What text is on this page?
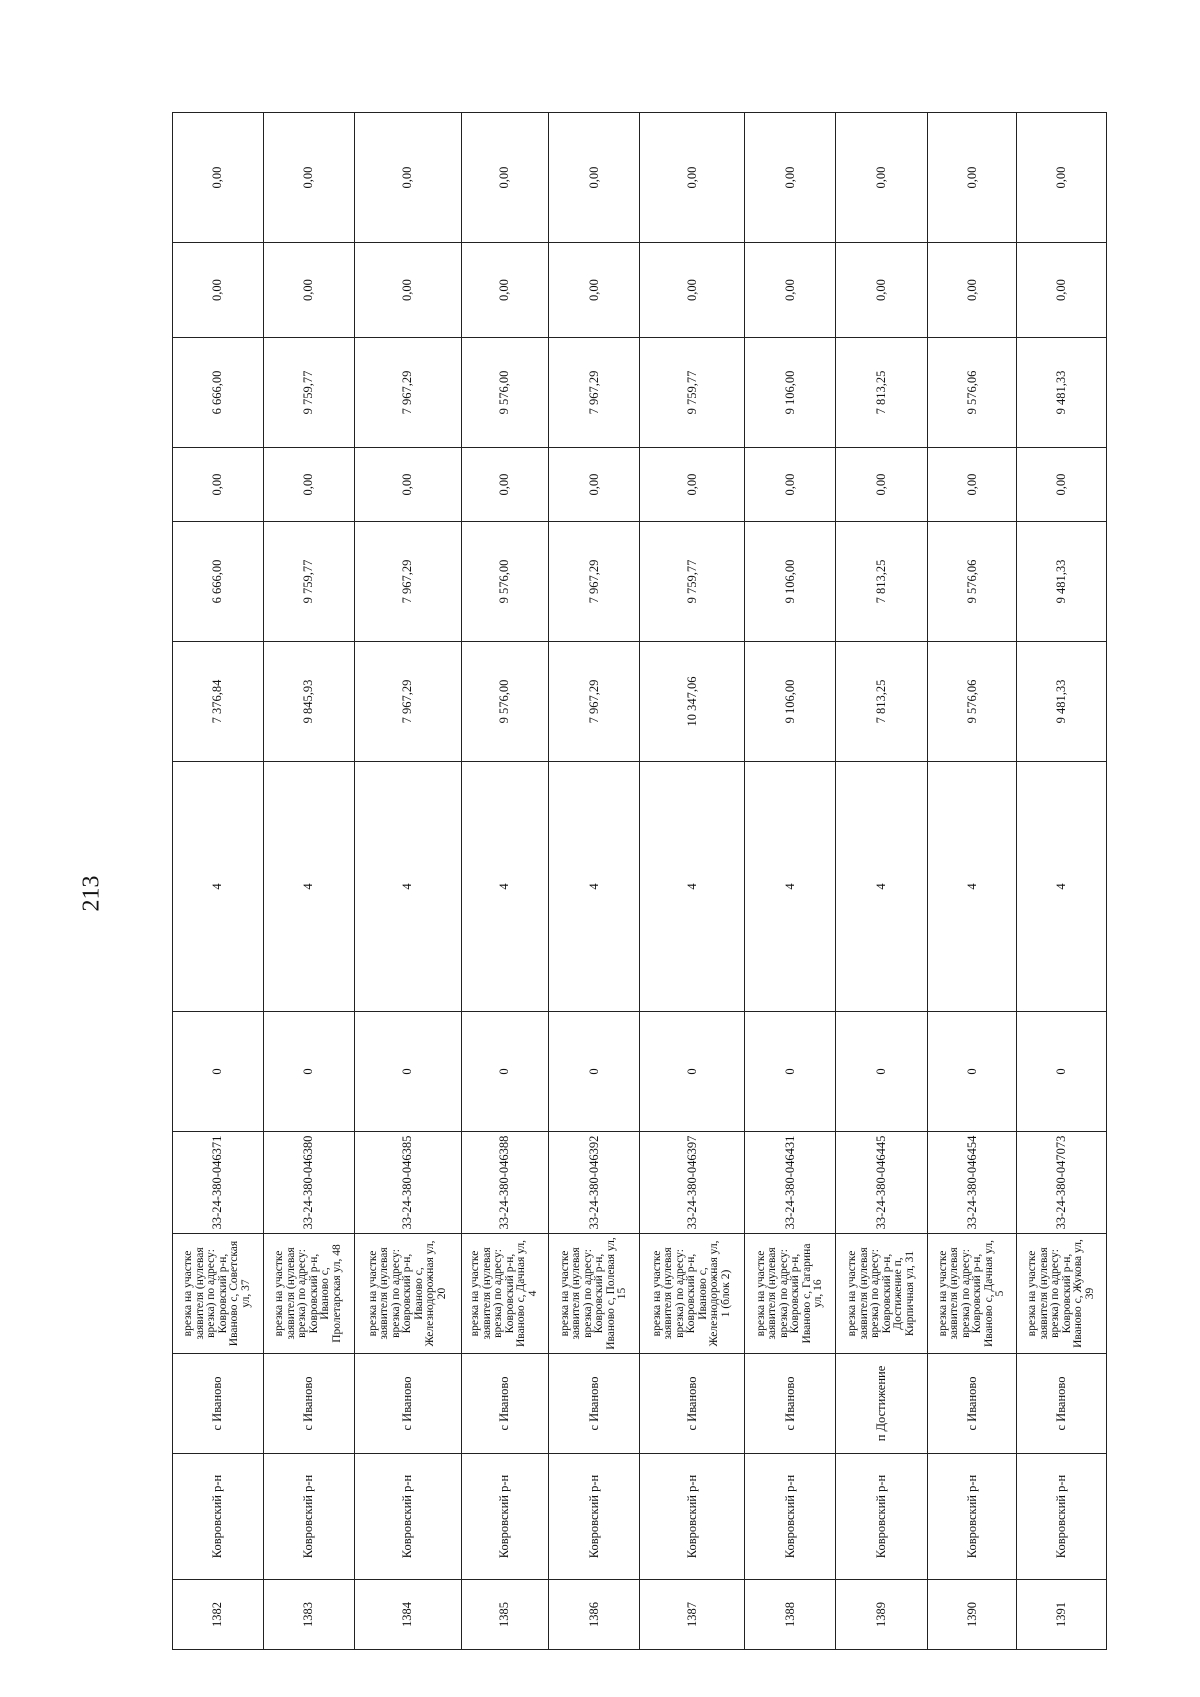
213
1382	Ковровский р-н	с Иваново	врезка на участке заявителя (нулевая врезка) по адресу: Ковровский р-н, Иваново с, Советская ул, 37	33-24-380-046371	0	4	7 376,84	6 666,00	0,00	6 666,00	0,00	0,00
1383	Ковровский р-н	с Иваново	врезка на участке заявителя (нулевая врезка) по адресу: Ковровский р-н, Иваново с, Пролетарская ул, 48	33-24-380-046380	0	4	9 845,93	9 759,77	0,00	9 759,77	0,00	0,00
1384	Ковровский р-н	с Иваново	врезка на участке заявителя (нулевая врезка) по адресу: Ковровский р-н, Иваново с, Железнодорожная ул, 20	33-24-380-046385	0	4	7 967,29	7 967,29	0,00	7 967,29	0,00	0,00
1385	Ковровский р-н	с Иваново	врезка на участке заявителя (нулевая врезка) по адресу: Ковровский р-н, Иваново с, Дачная ул, 4	33-24-380-046388	0	4	9 576,00	9 576,00	0,00	9 576,00	0,00	0,00
1386	Ковровский р-н	с Иваново	врезка на участке заявителя (нулевая врезка) по адресу: Ковровский р-н, Иваново с, Полевая ул, 15	33-24-380-046392	0	4	7 967,29	7 967,29	0,00	7 967,29	0,00	0,00
1387	Ковровский р-н	с Иваново	врезка на участке заявителя (нулевая врезка) по адресу: Ковровский р-н, Иваново с, Железнодорожная ул, 1 (блок 2)	33-24-380-046397	0	4	10 347,06	9 759,77	0,00	9 759,77	0,00	0,00
1388	Ковровский р-н	с Иваново	врезка на участке заявителя (нулевая врезка) по адресу: Ковровский р-н, Иваново с, Гагарина ул, 16	33-24-380-046431	0	4	9 106,00	9 106,00	0,00	9 106,00	0,00	0,00
1389	Ковровский р-н	п Достижение	врезка на участке заявителя (нулевая врезка) по адресу: Ковровский р-н, Достижение п, Кирпичная ул, 31	33-24-380-046445	0	4	7 813,25	7 813,25	0,00	7 813,25	0,00	0,00
1390	Ковровский р-н	с Иваново	врезка на участке заявителя (нулевая врезка) по адресу: Ковровский р-н, Иваново с, Дачная ул, 5	33-24-380-046454	0	4	9 576,06	9 576,06	0,00	9 576,06	0,00	0,00
1391	Ковровский р-н	с Иваново	врезка на участке заявителя (нулевая врезка) по адресу: Ковровский р-н, Иваново с, Жукова ул, 39	33-24-380-047073	0	4	9 481,33	9 481,33	0,00	9 481,33	0,00	0,00
